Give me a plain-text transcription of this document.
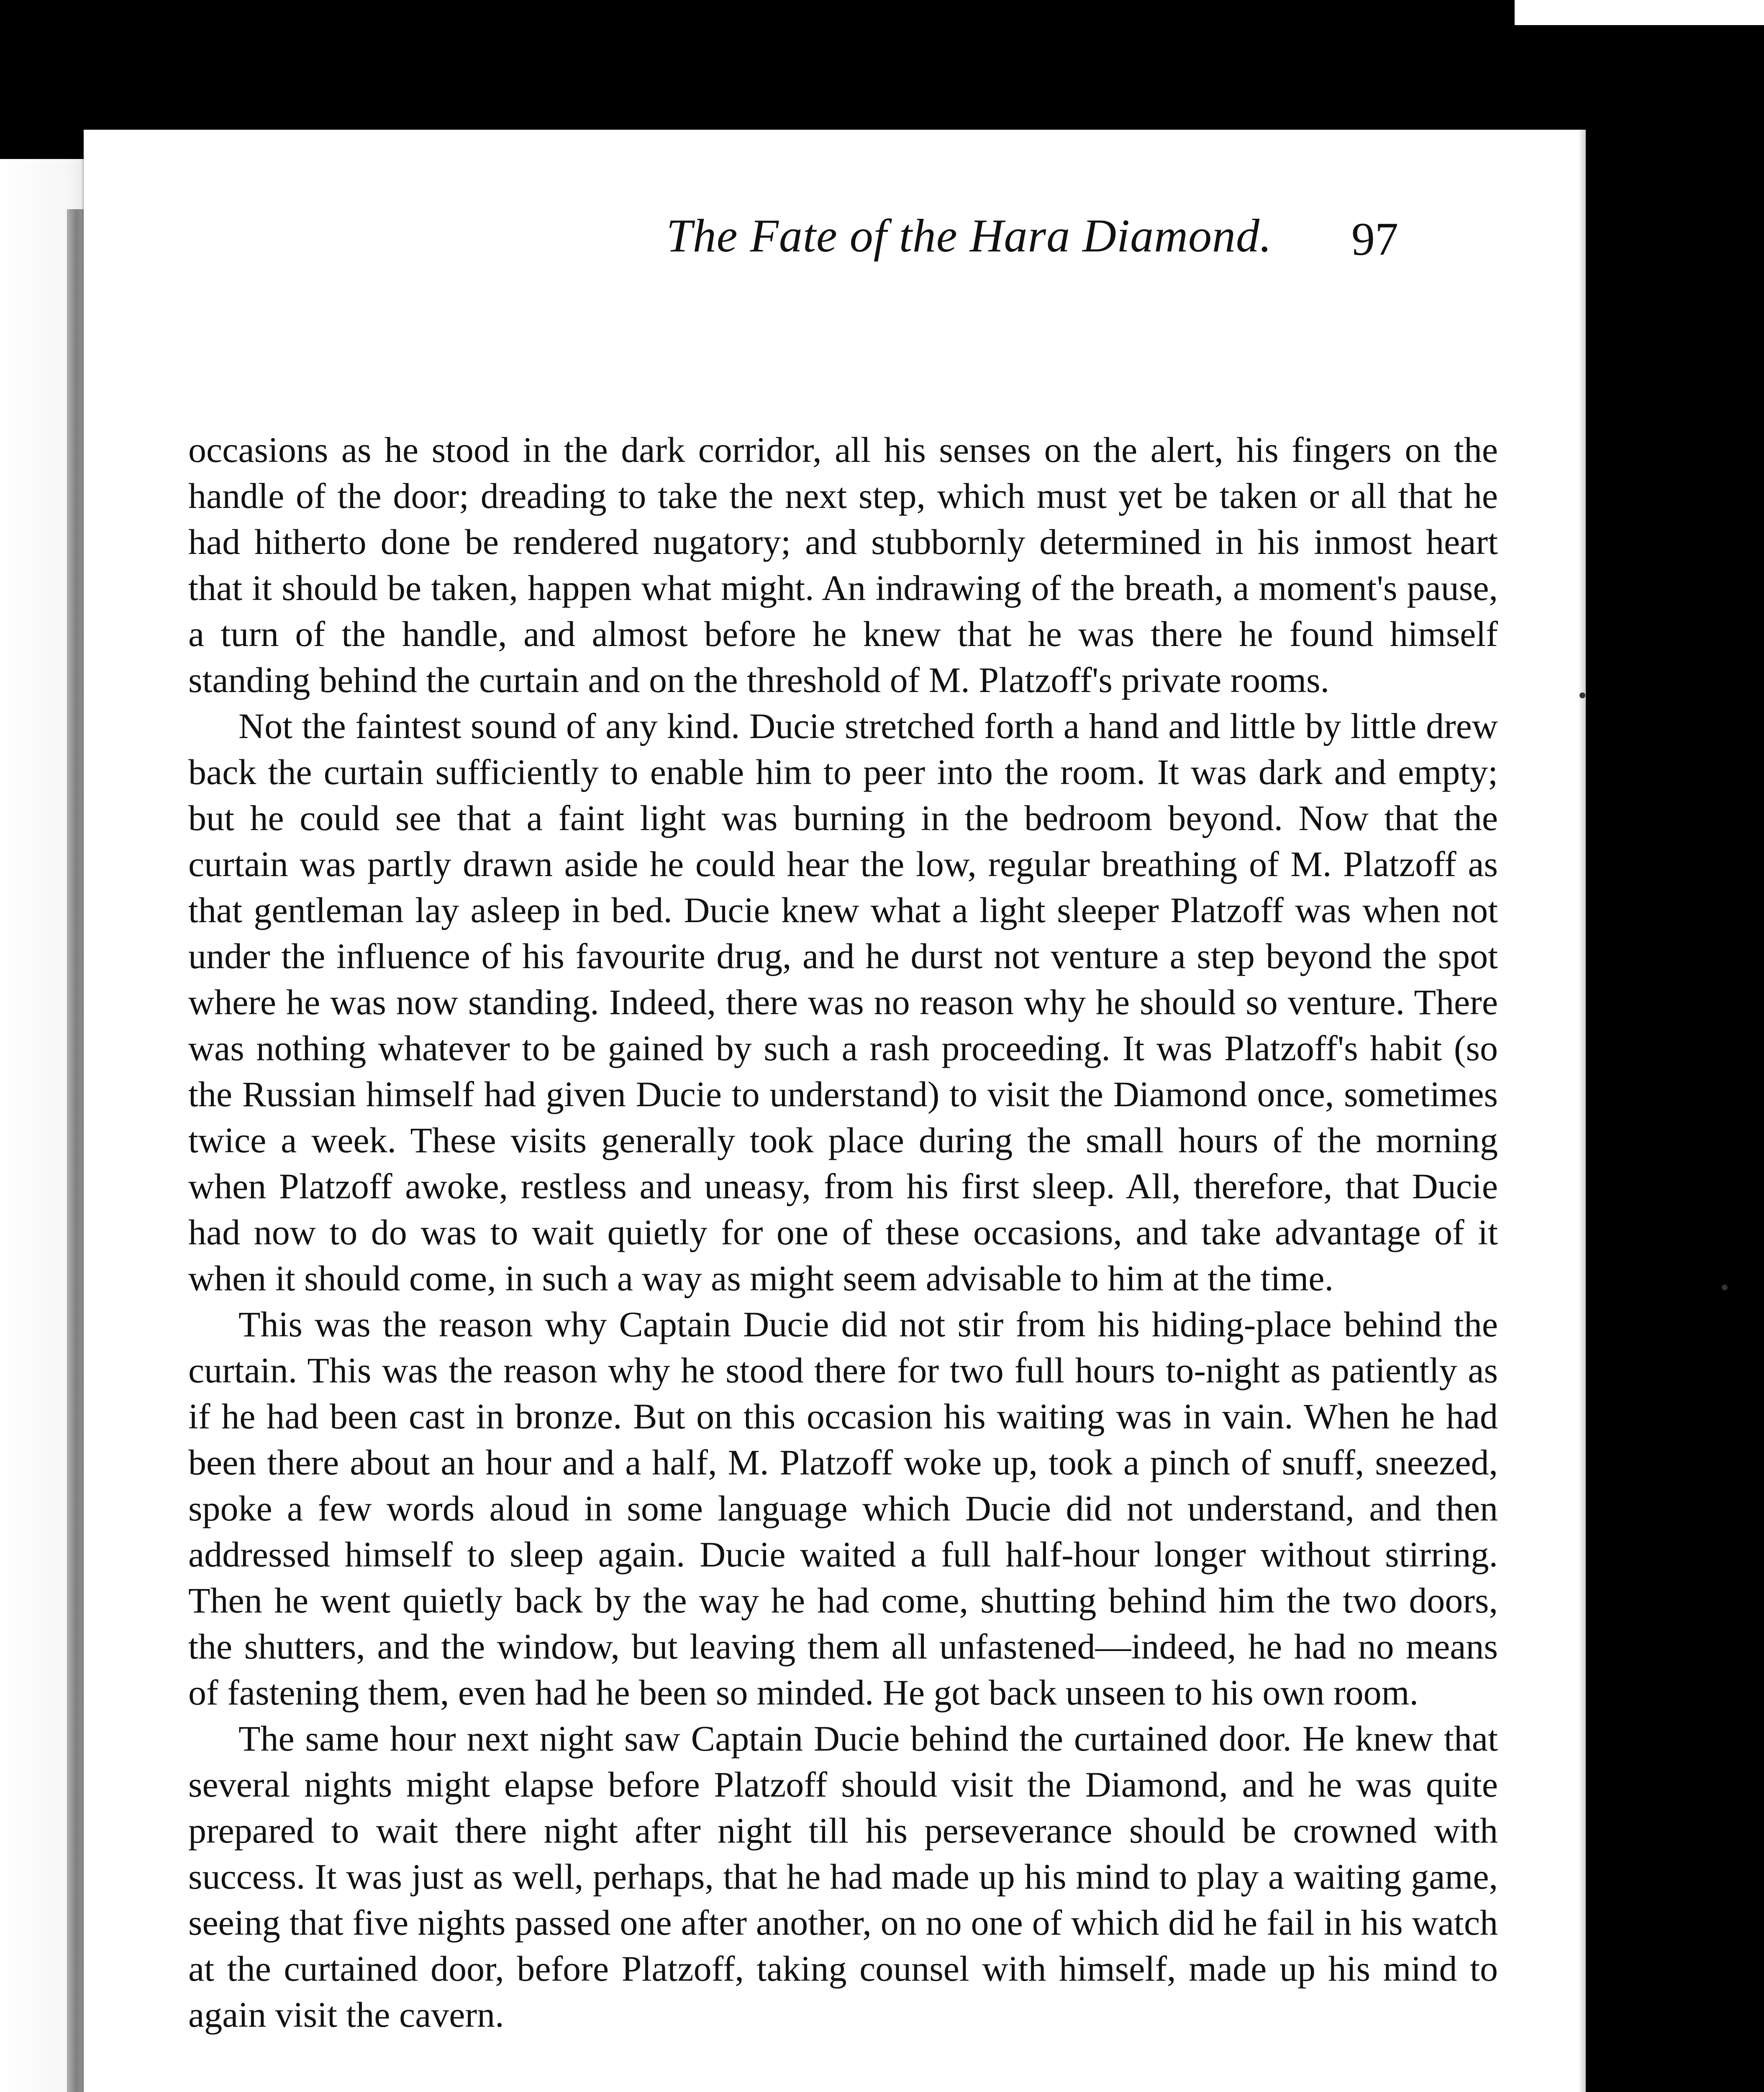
The Fate of the Hara Diamond. 97

occasions as he stood in the dark corridor, all his senses on the alert, his fingers on the handle of the door; dreading to take the next step, which must yet be taken or all that he had hitherto done be rendered nugatory; and stubbornly determined in his inmost heart that it should be taken, happen what might. An indrawing of the breath, a moment's pause, a turn of the handle, and almost before he knew that he was there he found himself standing behind the curtain and on the threshold of M. Platzoff's private rooms.

Not the faintest sound of any kind. Ducie stretched forth a hand and little by little drew back the curtain sufficiently to enable him to peer into the room. It was dark and empty; but he could see that a faint light was burning in the bedroom beyond. Now that the curtain was partly drawn aside he could hear the low, regular breathing of M. Platzoff as that gentleman lay asleep in bed. Ducie knew what a light sleeper Platzoff was when not under the influence of his favourite drug, and he durst not venture a step beyond the spot where he was now standing. Indeed, there was no reason why he should so venture. There was nothing whatever to be gained by such a rash proceeding. It was Platzoff's habit (so the Russian himself had given Ducie to understand) to visit the Diamond once, sometimes twice a week. These visits generally took place during the small hours of the morning when Platzoff awoke, restless and uneasy, from his first sleep. All, therefore, that Ducie had now to do was to wait quietly for one of these occasions, and take advantage of it when it should come, in such a way as might seem advisable to him at the time.

This was the reason why Captain Ducie did not stir from his hiding-place behind the curtain. This was the reason why he stood there for two full hours to-night as patiently as if he had been cast in bronze. But on this occasion his waiting was in vain. When he had been there about an hour and a half, M. Platzoff woke up, took a pinch of snuff, sneezed, spoke a few words aloud in some language which Ducie did not understand, and then addressed himself to sleep again. Ducie waited a full half-hour longer without stirring. Then he went quietly back by the way he had come, shutting behind him the two doors, the shutters, and the window, but leaving them all unfastened—indeed, he had no means of fastening them, even had he been so minded. He got back unseen to his own room.

The same hour next night saw Captain Ducie behind the curtained door. He knew that several nights might elapse before Platzoff should visit the Diamond, and he was quite prepared to wait there night after night till his perseverance should be crowned with success. It was just as well, perhaps, that he had made up his mind to play a waiting game, seeing that five nights passed one after another, on no one of which did he fail in his watch at the curtained door, before Platzoff, taking counsel with himself, made up his mind to again visit the cavern.
